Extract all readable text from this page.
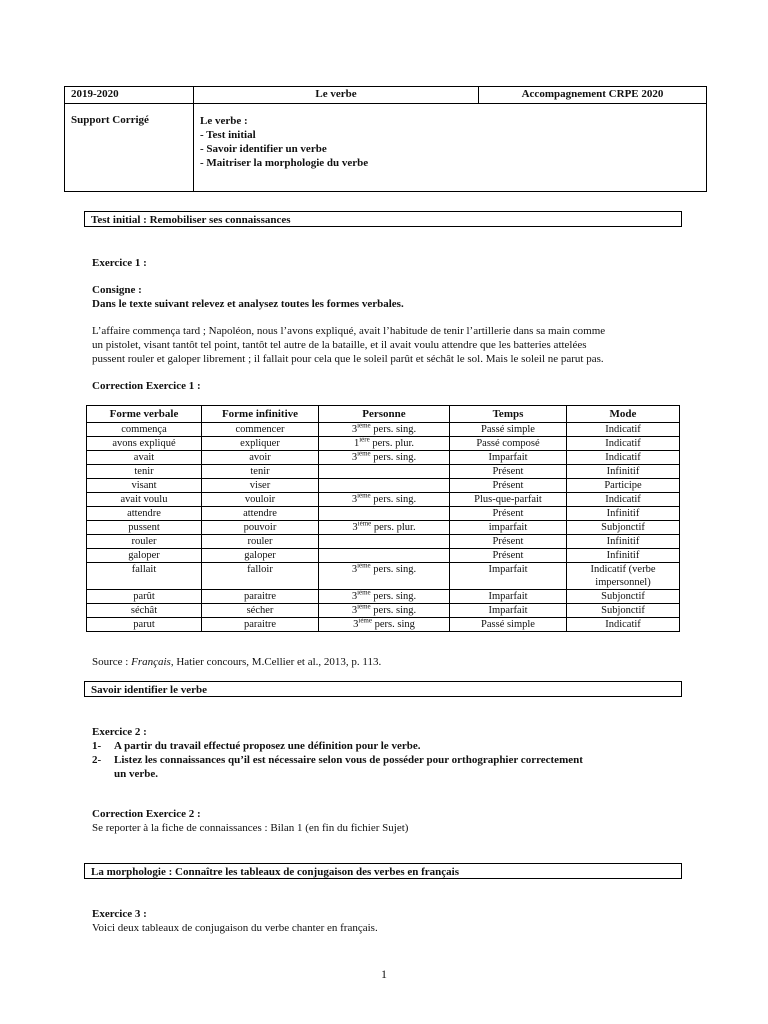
2019-2020	Le verbe	Accompagnement CRPE 2020
Support Corrigé	Le verbe :
- Test initial
- Savoir identifier un verbe
- Maitriser la morphologie du verbe	
Test initial : Remobiliser ses connaissances
Exercice 1 :
Consigne :
Dans le texte suivant relevez et analysez toutes les formes verbales.
L’affaire commença tard ; Napoléon, nous l’avons expliqué, avait l’habitude de tenir l’artillerie dans sa main comme
un pistolet, visant tantôt tel point, tantôt tel autre de la bataille, et il avait voulu attendre que les batteries attelées
pussent rouler et galoper librement ; il fallait pour cela que le soleil parût et séchât le sol. Mais le soleil ne parut pas.
Correction Exercice 1 :
Forme verbale	Forme infinitive	Personne	Temps	Mode
commença	commencer	3ième pers. sing.	Passé simple	Indicatif
avons expliqué	expliquer	$1^{ière}$ pers. plur.	Passé composé	Indicatif
avait	avoir	3ième pers. sing.	Imparfait	Indicatif
tenir	tenir		Présent	Infinitif
visant	viser		Présent	Participe
avait voulu	vouloir	3ième pers. sing.	Plus-que-parfait	Indicatif
attendre	attendre		Présent	Infinitif
pussent	pouvoir	3ième pers. plur.	imparfait	Subjonctif
rouler	rouler		Présent	Infinitif
galoper	galoper		Présent	Infinitif
fallait	falloir	3ième pers. sing.	Imparfait	Indicatif (verbe
impersonnel)
parût	paraitre	3ième pers. sing.	Imparfait	Subjonctif
séchât	sécher	3ième pers. sing.	Imparfait	Subjonctif
parut	paraitre	3ième pers. sing	Passé simple	Indicatif
Source : Français, Hatier concours, M.Cellier et al., 2013, p. 113.
Savoir identifier le verbe
Exercice 2 :
1- A partir du travail effectué proposez une définition pour le verbe.
2- Listez les connaissances qu’il est nécessaire selon vous de posséder pour orthographier correctement
un verbe.
Correction Exercice 2 :
Se reporter à la fiche de connaissances : Bilan 1 (en fin du fichier Sujet)
La morphologie : Connaître les tableaux de conjugaison des verbes en français
Exercice 3 :
Voici deux tableaux de conjugaison du verbe chanter en français.
1
